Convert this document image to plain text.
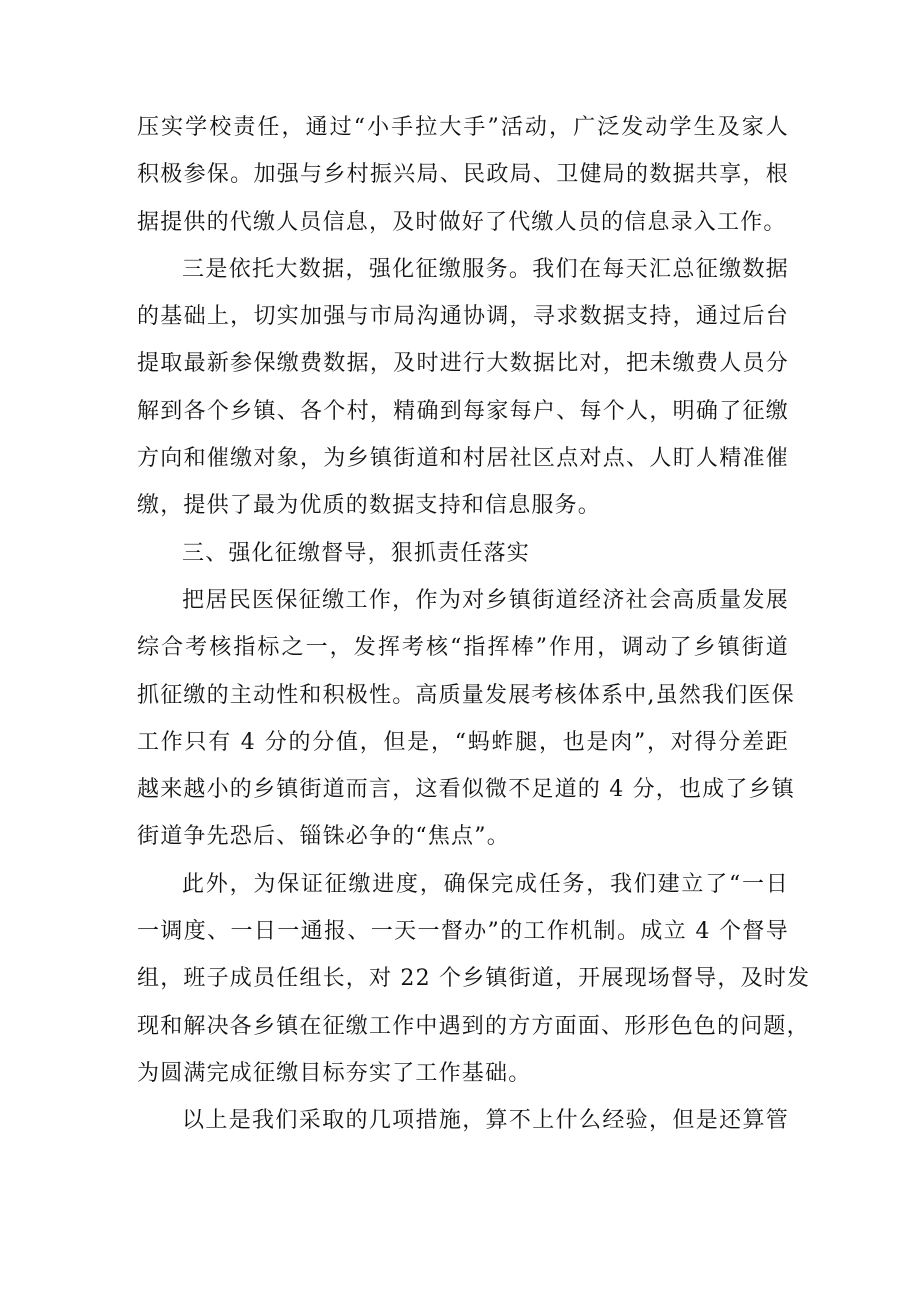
压实学校责任，通过“小手拉大手”活动，广泛发动学生及家人
积极参保。加强与乡村振兴局、民政局、卫健局的数据共享，根
据提供的代缴人员信息，及时做好了代缴人员的信息录入工作。
三是依托大数据，强化征缴服务。我们在每天汇总征缴数据
的基础上，切实加强与市局沟通协调，寻求数据支持，通过后台
提取最新参保缴费数据，及时进行大数据比对，把未缴费人员分
解到各个乡镇、各个村，精确到每家每户、每个人，明确了征缴
方向和催缴对象，为乡镇街道和村居社区点对点、人盯人精准催
缴，提供了最为优质的数据支持和信息服务。
三、强化征缴督导，狠抓责任落实
把居民医保征缴工作，作为对乡镇街道经济社会高质量发展
综合考核指标之一，发挥考核“指挥棒”作用，调动了乡镇街道
抓征缴的主动性和积极性。高质量发展考核体系中,虽然我们医保
工作只有 4 分的分值，但是，“蚂蚱腿，也是肉”，对得分差距
越来越小的乡镇街道而言，这看似微不足道的 4 分，也成了乡镇
街道争先恐后、锱铢必争的“焦点”。
此外，为保证征缴进度，确保完成任务，我们建立了“一日
一调度、一日一通报、一天一督办”的工作机制。成立 4 个督导
组，班子成员任组长，对 22 个乡镇街道，开展现场督导，及时发
现和解决各乡镇在征缴工作中遇到的方方面面、形形色色的问题，
为圆满完成征缴目标夯实了工作基础。
以上是我们采取的几项措施，算不上什么经验，但是还算管
